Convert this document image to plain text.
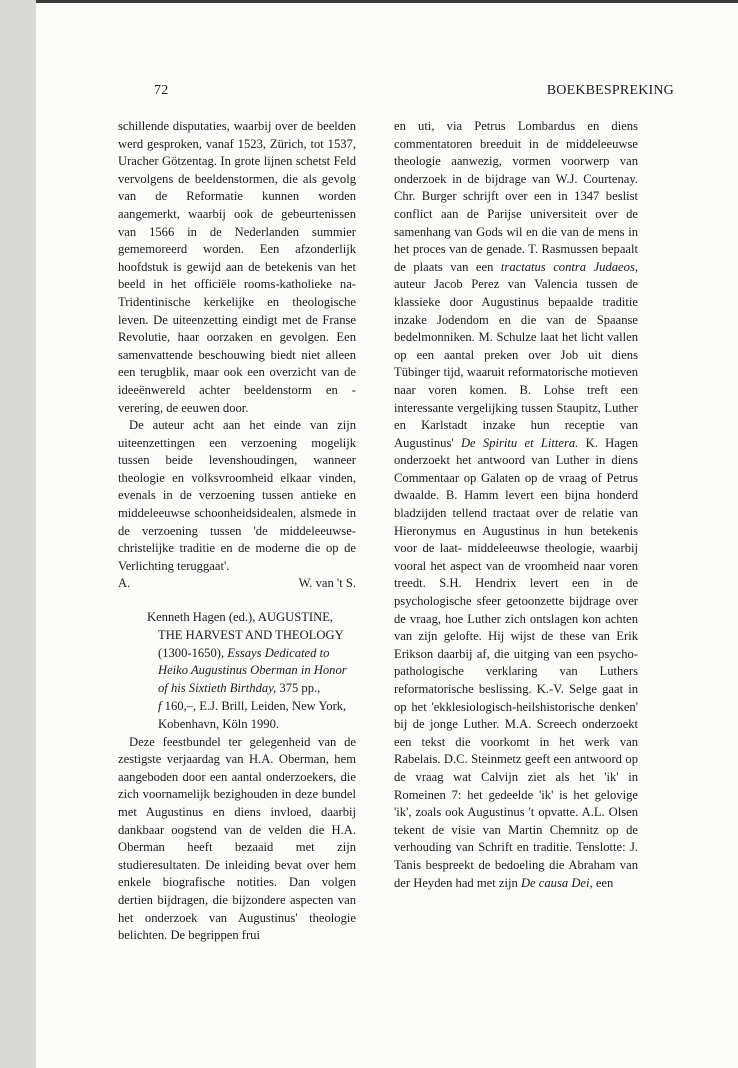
72	BOEKBESPREKING

schillende disputaties, waarbij over de beelden werd gesproken, vanaf 1523, Zürich, tot 1537, Uracher Götzentag. In grote lijnen schetst Feld vervolgens de beeldenstormen, die als gevolg van de Reformatie kunnen worden aangemerkt, waarbij ook de gebeurtenissen van 1566 in de Nederlanden summier gememoreerd worden. Een afzonderlijk hoofdstuk is gewijd aan de betekenis van het beeld in het officiële rooms-katholieke na-Tridentinische kerkelijke en theologische leven. De uiteenzetting eindigt met de Franse Revolutie, haar oorzaken en gevolgen. Een samenvattende beschouwing biedt niet alleen een terugblik, maar ook een overzicht van de ideeënwereld achter beeldenstorm en -verering, de eeuwen door.

De auteur acht aan het einde van zijn uiteenzettingen een verzoening mogelijk tussen beide levenshoudingen, wanneer theologie en volksvroomheid elkaar vinden, evenals in de verzoening tussen antieke en middeleeuwse schoonheidsidealen, alsmede in de verzoening tussen 'de middeleeuwse-christelijke traditie en de moderne die op de Verlichting teruggaat'.

A.	W. van 't S.

Kenneth Hagen (ed.), AUGUSTINE,

THE HARVEST AND THEOLOGY

(1300-1650), Essays Dedicated to

Heiko Augustinus Oberman in Honor

of his Sixtieth Birthday, 375 pp.,

f 160,–, E.J. Brill, Leiden, New York,

Kobenhavn, Köln 1990.

Deze feestbundel ter gelegenheid van de zestigste verjaardag van H.A. Oberman, hem aangeboden door een aantal onderzoekers, die zich voornamelijk bezighouden in deze bundel met Augustinus en diens invloed, daarbij dankbaar oogstend van de velden die H.A. Oberman heeft bezaaid met zijn studieresultaten. De inleiding bevat over hem enkele biografische notities. Dan volgen dertien bijdragen, die bijzondere aspecten van het onderzoek van Augustinus' theologie belichten. De begrippen frui

en uti, via Petrus Lombardus en diens commentatoren breeduit in de middeleeuwse theologie aanwezig, vormen voorwerp van onderzoek in de bijdrage van W.J. Courtenay. Chr. Burger schrijft over een in 1347 beslist conflict aan de Parijse universiteit over de samenhang van Gods wil en die van de mens in het proces van de genade. T. Rasmussen bepaalt de plaats van een tractatus contra Judaeos, auteur Jacob Perez van Valencia tussen de klassieke door Augustinus bepaalde traditie inzake Jodendom en die van de Spaanse bedelmonniken. M. Schulze laat het licht vallen op een aantal preken over Job uit diens Tübinger tijd, waaruit reformatorische motieven naar voren komen. B. Lohse treft een interessante vergelijking tussen Staupitz, Luther en Karlstadt inzake hun receptie van Augustinus' De Spiritu et Littera. K. Hagen onderzoekt het antwoord van Luther in diens Commentaar op Galaten op de vraag of Petrus dwaalde. B. Hamm levert een bijna honderd bladzijden tellend tractaat over de relatie van Hieronymus en Augustinus in hun betekenis voor de laat- middeleeuwse theologie, waarbij vooral het aspect van de vroomheid naar voren treedt. S.H. Hendrix levert een in de psychologische sfeer getoonzette bijdrage over de vraag, hoe Luther zich ontslagen kon achten van zijn gelofte. Hij wijst de these van Erik Erikson daarbij af, die uitging van een psycho-pathologische verklaring van Luthers reformatorische beslissing. K.-V. Selge gaat in op het 'ekklesiologisch-heilshistorische denken' bij de jonge Luther. M.A. Screech onderzoekt een tekst die voorkomt in het werk van Rabelais. D.C. Steinmetz geeft een antwoord op de vraag wat Calvijn ziet als het 'ik' in Romeinen 7: het gedeelde 'ik' is het gelovige 'ik', zoals ook Augustinus 't opvatte. A.L. Olsen tekent de visie van Martin Chemnitz op de verhouding van Schrift en traditie. Tenslotte: J. Tanis bespreekt de bedoeling die Abraham van der Heyden had met zijn De causa Dei, een
